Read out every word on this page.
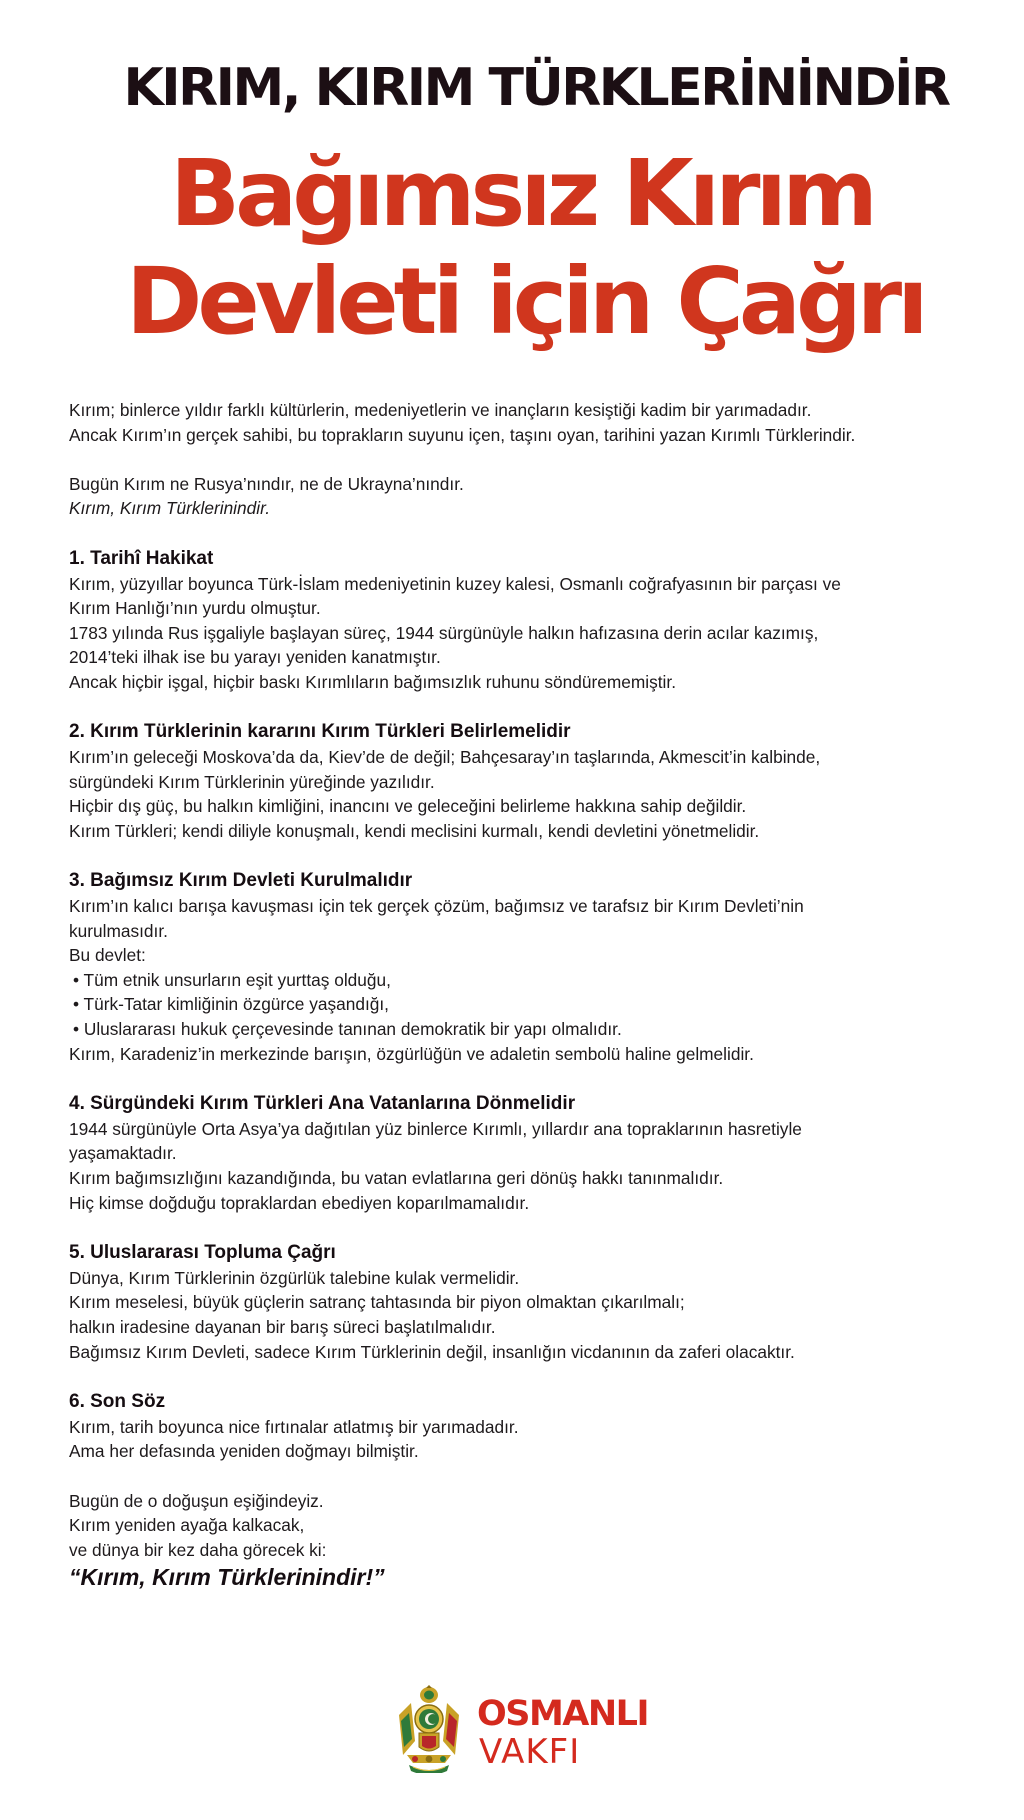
KIRIM, KIRIM TÜRKLERİNİNDİR
Bağımsız Kırım
Devleti için Çağrı

Kırım; binlerce yıldır farklı kültürlerin, medeniyetlerin ve inançların kesiştiği kadim bir yarımadadır.

Ancak Kırım’ın gerçek sahibi, bu toprakların suyunu içen, taşını oyan, tarihini yazan Kırımlı Türklerindir.

Bugün Kırım ne Rusya’nındır, ne de Ukrayna’nındır.

Kırım, Kırım Türklerinindir.

1. Tarihî Hakikat

Kırım, yüzyıllar boyunca Türk-İslam medeniyetinin kuzey kalesi, Osmanlı coğrafyasının bir parçası ve

Kırım Hanlığı’nın yurdu olmuştur.

1783 yılında Rus işgaliyle başlayan süreç, 1944 sürgünüyle halkın hafızasına derin acılar kazımış,

2014’teki ilhak ise bu yarayı yeniden kanatmıştır.

Ancak hiçbir işgal, hiçbir baskı Kırımlıların bağımsızlık ruhunu söndürememiştir.

2. Kırım Türklerinin kararını Kırım Türkleri Belirlemelidir

Kırım’ın geleceği Moskova’da da, Kiev’de de değil; Bahçesaray’ın taşlarında, Akmescit’in kalbinde,

sürgündeki Kırım Türklerinin yüreğinde yazılıdır.

Hiçbir dış güç, bu halkın kimliğini, inancını ve geleceğini belirleme hakkına sahip değildir.

Kırım Türkleri; kendi diliyle konuşmalı, kendi meclisini kurmalı, kendi devletini yönetmelidir.

3. Bağımsız Kırım Devleti Kurulmalıdır

Kırım’ın kalıcı barışa kavuşması için tek gerçek çözüm, bağımsız ve tarafsız bir Kırım Devleti’nin

kurulmasıdır.

Bu devlet:

• Tüm etnik unsurların eşit yurttaş olduğu,

• Türk-Tatar kimliğinin özgürce yaşandığı,

• Uluslararası hukuk çerçevesinde tanınan demokratik bir yapı olmalıdır.

Kırım, Karadeniz’in merkezinde barışın, özgürlüğün ve adaletin sembolü haline gelmelidir.

4. Sürgündeki Kırım Türkleri Ana Vatanlarına Dönmelidir

1944 sürgünüyle Orta Asya’ya dağıtılan yüz binlerce Kırımlı, yıllardır ana topraklarının hasretiyle

yaşamaktadır.

Kırım bağımsızlığını kazandığında, bu vatan evlatlarına geri dönüş hakkı tanınmalıdır.

Hiç kimse doğduğu topraklardan ebediyen koparılmamalıdır.

5. Uluslararası Topluma Çağrı

Dünya, Kırım Türklerinin özgürlük talebine kulak vermelidir.

Kırım meselesi, büyük güçlerin satranç tahtasında bir piyon olmaktan çıkarılmalı;

halkın iradesine dayanan bir barış süreci başlatılmalıdır.

Bağımsız Kırım Devleti, sadece Kırım Türklerinin değil, insanlığın vicdanının da zaferi olacaktır.

6. Son Söz

Kırım, tarih boyunca nice fırtınalar atlatmış bir yarımadadır.

Ama her defasında yeniden doğmayı bilmiştir.

Bugün de o doğuşun eşiğindeyiz.

Kırım yeniden ayağa kalkacak,

ve dünya bir kez daha görecek ki:

“Kırım, Kırım Türklerinindir!”

OSMANLI
VAKFI
